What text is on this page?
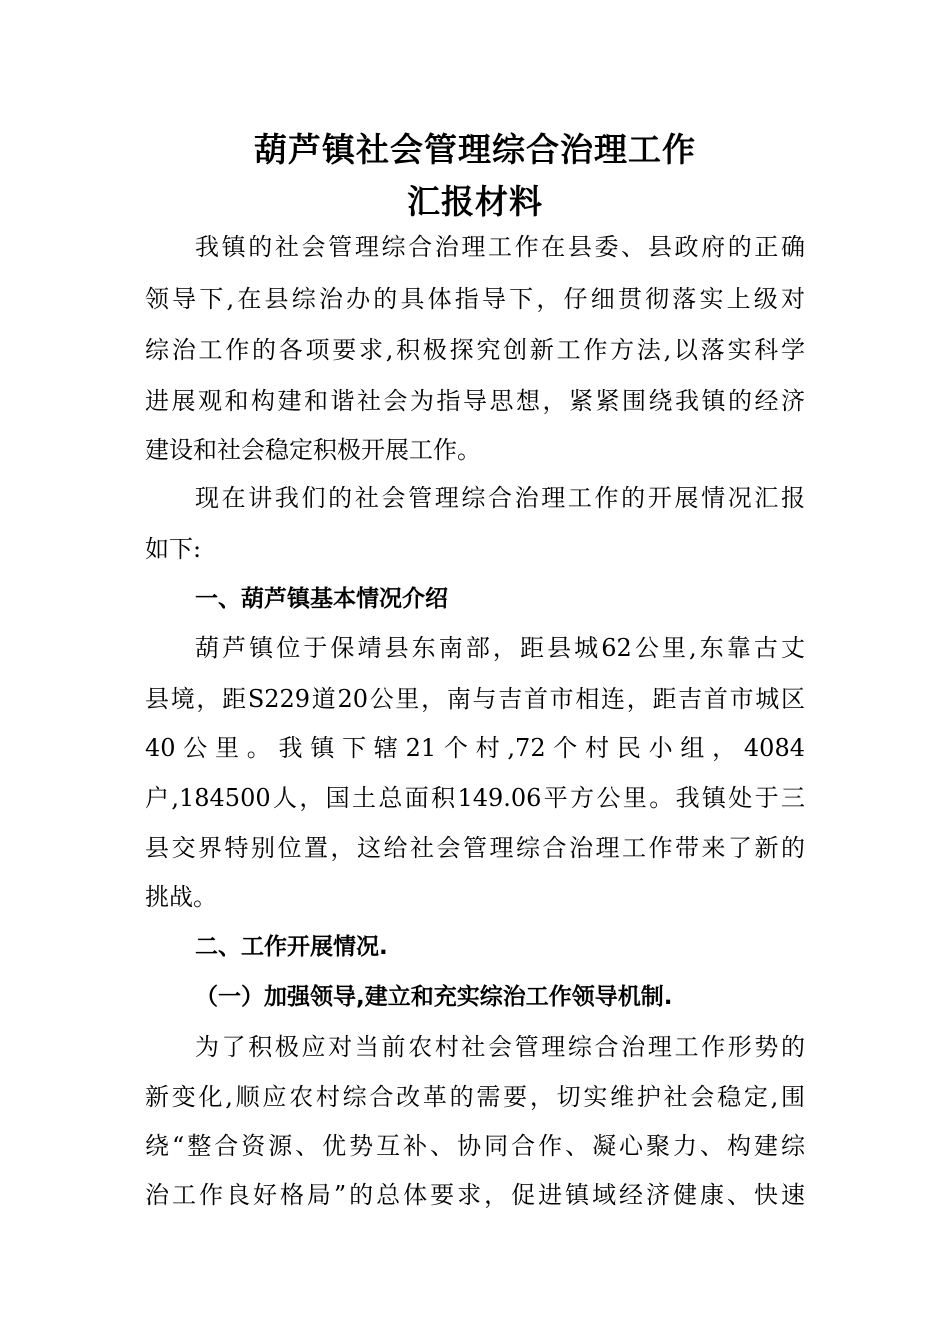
葫芦镇社会管理综合治理工作
汇报材料
我镇的社会管理综合治理工作在县委、县政府的正确
领导下,在县综治办的具体指导下，仔细贯彻落实上级对
综治工作的各项要求,积极探究创新工作方法,以落实科学
进展观和构建和谐社会为指导思想，紧紧围绕我镇的经济
建设和社会稳定积极开展工作。
现在讲我们的社会管理综合治理工作的开展情况汇报
如下:
一、葫芦镇基本情况介绍
葫芦镇位于保靖县东南部，距县城62公里,东靠古丈
县境，距S229道20公里，南与吉首市相连，距吉首市城区
40 公 里 。 我 镇 下 辖 21 个 村 ,72 个 村 民 小 组 ， 4084
户,184500人，国土总面积149.06平方公里。我镇处于三
县交界特别位置，这给社会管理综合治理工作带来了新的
挑战。
二、工作开展情况.
（一）加强领导,建立和充实综治工作领导机制.
为了积极应对当前农村社会管理综合治理工作形势的
新变化,顺应农村综合改革的需要，切实维护社会稳定,围
绕“整合资源、优势互补、协同合作、凝心聚力、构建综
治工作良好格局”的总体要求，促进镇域经济健康、快速
